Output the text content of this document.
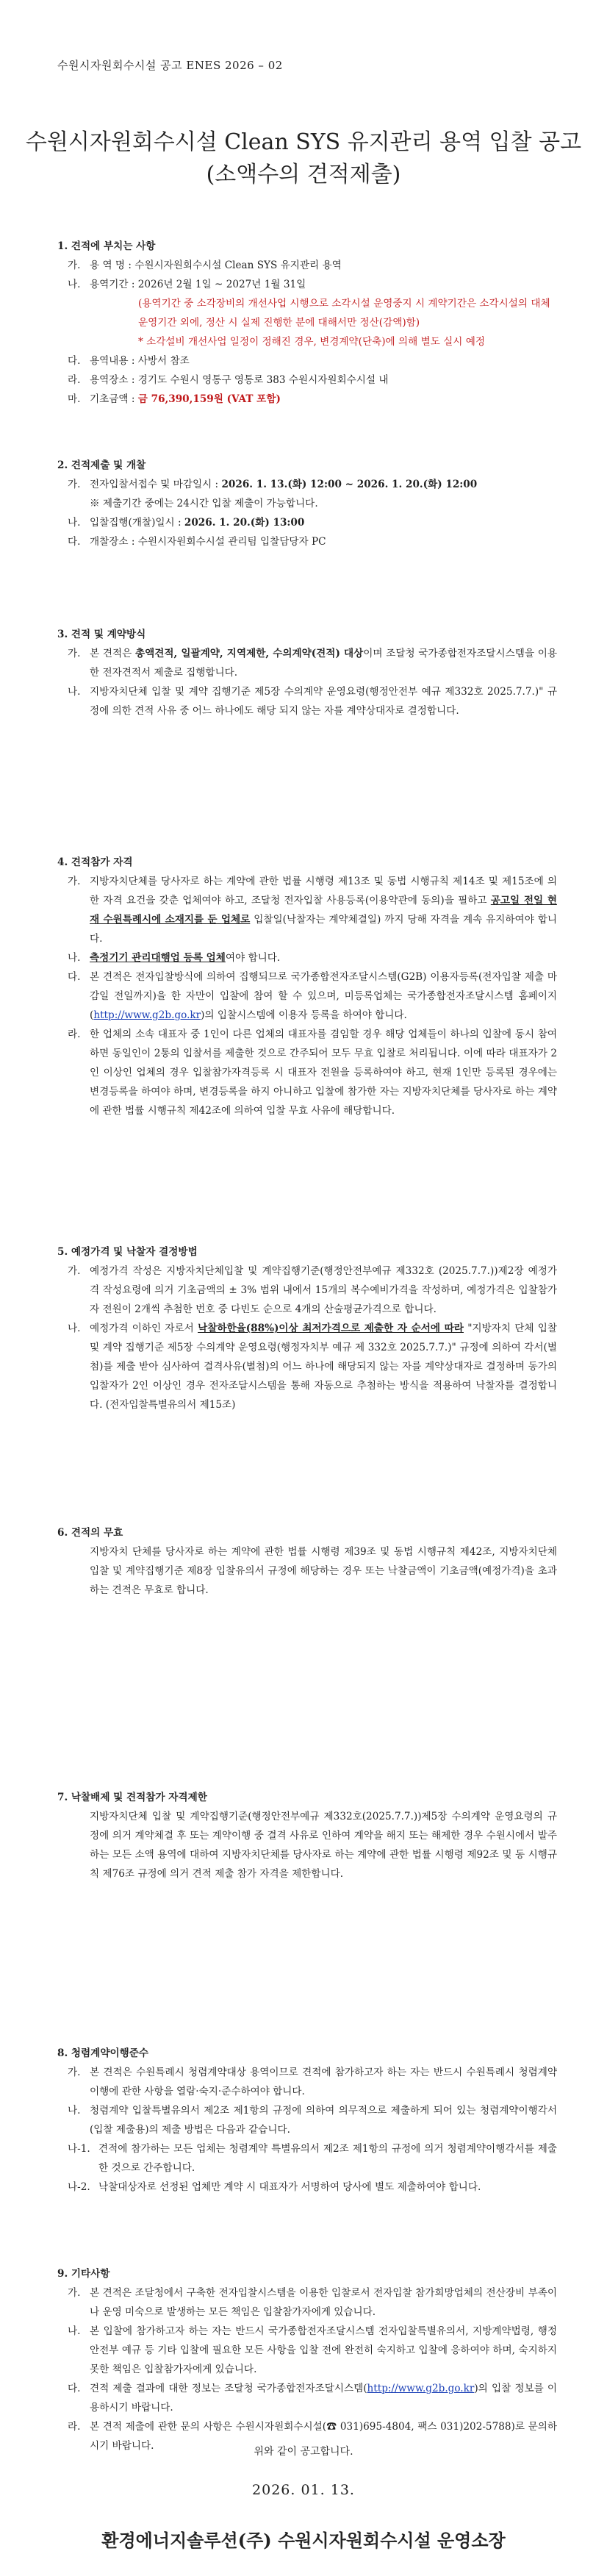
수원시자원회수시설 공고 ENES 2026 – 02
수원시자원회수시설 Clean SYS 유지관리 용역 입찰 공고
(소액수의 견적제출)
1. 견적에 부치는 사항
가. 용 역 명 : 수원시자원회수시설 Clean SYS 유지관리 용역
나. 용역기간 : 2026년 2월 1일 ~ 2027년 1월 31일
(용역기간 중 소각장비의 개선사업 시행으로 소각시설 운영중지 시 계약기간은 소각시설의 대체운영기간 외에, 정산 시 실제 진행한 분에 대해서만 정산(감액)함)
* 소각설비 개선사업 일정이 정해진 경우, 변경계약(단축)에 의해 별도 실시 예정
다. 용역내용 : 사방서 참조
라. 용역장소 : 경기도 수원시 영통구 영통로 383 수원시자원회수시설 내
마. 기초금액 : 금 76,390,159원 (VAT 포함)
2. 견적제출 및 개찰
가. 전자입찰서접수 및 마감일시 : 2026. 1. 13.(화) 12:00 ~ 2026. 1. 20.(화) 12:00
※ 제출기간 중에는 24시간 입찰 제출이 가능합니다.
나. 입찰집행(개찰)일시 : 2026. 1. 20.(화) 13:00
다. 개찰장소 : 수원시자원회수시설 관리팀 입찰담당자 PC
3. 견적 및 계약방식
가. 본 견적은 총액견적, 일괄계약, 지역제한, 수의계약(견적) 대상이며 조달청 국가종합전자조달시스템을 이용한 전자견적서 제출로 집행합니다.
나. 지방자치단체 입찰 및 계약 집행기준 제5장 수의계약 운영요령(행정안전부 예규 제332호 2025.7.7.)" 규정에 의한 견적 사유 중 어느 하나에도 해당 되지 않는 자를 계약상대자로 결정합니다.
4. 견적참가 자격
가. 지방자치단체를 당사자로 하는 계약에 관한 법률 시행령 제13조 및 동법 시행규칙 제14조 및 제15조에 의한 자격 요건을 갖춘 업체여야 하고, 조달청 전자입찰 사용등록(이용약관에 동의)을 필하고 공고일 전일 현재 수원특례시에 소재지를 둔 업체로 입찰일(낙찰자는 계약체결일) 까지 당해 자격을 계속 유지하여야 합니다.
나. 측정기기 관리대행업 등록 업체여야 합니다.
다. 본 견적은 전자입찰방식에 의하여 집행되므로 국가종합전자조달시스템(G2B) 이용자등록(전자입찰 제출 마감일 전일까지)을 한 자만이 입찰에 참여 할 수 있으며, 미등록업체는 국가종합전자조달시스템 홈페이지(http://www.g2b.go.kr)의 입찰시스템에 이용자 등록을 하여야 합니다.
라. 한 업체의 소속 대표자 중 1인이 다른 업체의 대표자를 겸임할 경우 해당 업체들이 하나의 입찰에 동시 참여하면 동일인이 2통의 입찰서를 제출한 것으로 간주되어 모두 무효 입찰로 처리됩니다. 이에 따라 대표자가 2인 이상인 업체의 경우 입찰참가자격등록 시 대표자 전원을 등록하여야 하고, 현재 1인만 등록된 경우에는 변경등록을 하여야 하며, 변경등록을 하지 아니하고 입찰에 참가한 자는 지방자치단체를 당사자로 하는 계약에 관한 법률 시행규칙 제42조에 의하여 입찰 무효 사유에 해당합니다.
5. 예정가격 및 낙찰자 결정방법
가. 예정가격 작성은 지방자치단체입찰 및 계약집행기준(행정안전부예규 제332호 (2025.7.7.))제2장 예정가격 작성요령에 의거 기초금액의 ± 3% 범위 내에서 15개의 복수예비가격을 작성하며, 예정가격은 입찰참가자 전원이 2개씩 추첨한 번호 중 다빈도 순으로 4개의 산술평균가격으로 합니다.
나. 예정가격 이하인 자로서 낙찰하한율(88%)이상 최저가격으로 제출한 자 순서에 따라 "지방자치 단체 입찰 및 계약 집행기준 제5장 수의계약 운영요령(행정자치부 예규 제 332호 2025.7.7.)" 규정에 의하여 각서(별첨)를 제출 받아 심사하여 결격사유(별첨)의 어느 하나에 해당되지 않는 자를 계약상대자로 결정하며 동가의 입찰자가 2인 이상인 경우 전자조달시스템을 통해 자동으로 추첨하는 방식을 적용하여 낙찰자를 결정합니다. (전자입찰특별유의서 제15조)
6. 견적의 무효
지방자치 단체를 당사자로 하는 계약에 관한 법률 시행령 제39조 및 동법 시행규칙 제42조, 지방자치단체 입찰 및 계약집행기준 제8장 입찰유의서 규정에 해당하는 경우 또는 낙찰금액이 기초금액(예정가격)을 초과하는 견적은 무효로 합니다.
7. 낙찰배제 및 견적참가 자격제한
지방자치단체 입찰 및 계약집행기준(행정안전부예규 제332호(2025.7.7.))제5장 수의계약 운영요령의 규정에 의거 계약체결 후 또는 계약이행 중 결격 사유로 인하여 계약을 해지 또는 해제한 경우 수원시에서 발주하는 모든 소액 용역에 대하여 지방자치단체를 당사자로 하는 계약에 관한 법률 시행령 제92조 및 동 시행규칙 제76조 규정에 의거 견적 제출 참가 자격을 제한합니다.
8. 청렴계약이행준수
가. 본 견적은 수원특례시 청렴계약대상 용역이므로 견적에 참가하고자 하는 자는 반드시 수원특례시 청렴계약이행에 관한 사항을 열람·숙지·준수하여야 합니다.
나. 청렴계약 입찰특별유의서 제2조 제1항의 규정에 의하여 의무적으로 제출하게 되어 있는 청렴계약이행각서(입찰 제출용)의 제출 방법은 다음과 같습니다.
나-1. 견적에 참가하는 모든 업체는 청렴계약 특별유의서 제2조 제1항의 규정에 의거 청렴계약이행각서를 제출한 것으로 간주합니다.
나-2. 낙찰대상자로 선정된 업체만 계약 시 대표자가 서명하여 당사에 별도 제출하여야 합니다.
9. 기타사항
가. 본 견적은 조달청에서 구축한 전자입찰시스템을 이용한 입찰로서 전자입찰 참가희망업체의 전산장비 부족이나 운영 미숙으로 발생하는 모든 책임은 입찰참가자에게 있습니다.
나. 본 입찰에 참가하고자 하는 자는 반드시 국가종합전자조달시스템 전자입찰특별유의서, 지방계약법령, 행정안전부 예규 등 기타 입찰에 필요한 모든 사항을 입찰 전에 완전히 숙지하고 입찰에 응하여야 하며, 숙지하지 못한 책임은 입찰참가자에게 있습니다.
다. 견적 제출 결과에 대한 정보는 조달청 국가종합전자조달시스템(http://www.g2b.go.kr)의 입찰 정보를 이용하시기 바랍니다.
라. 본 견적 제출에 관한 문의 사항은 수원시자원회수시설(☎ 031)695-4804, 팩스 031)202-5788)로 문의하시기 바랍니다.	위와 같이 공고합니다.
2026. 01. 13.
환경에너지솔루션(주) 수원시자원회수시설 운영소장
